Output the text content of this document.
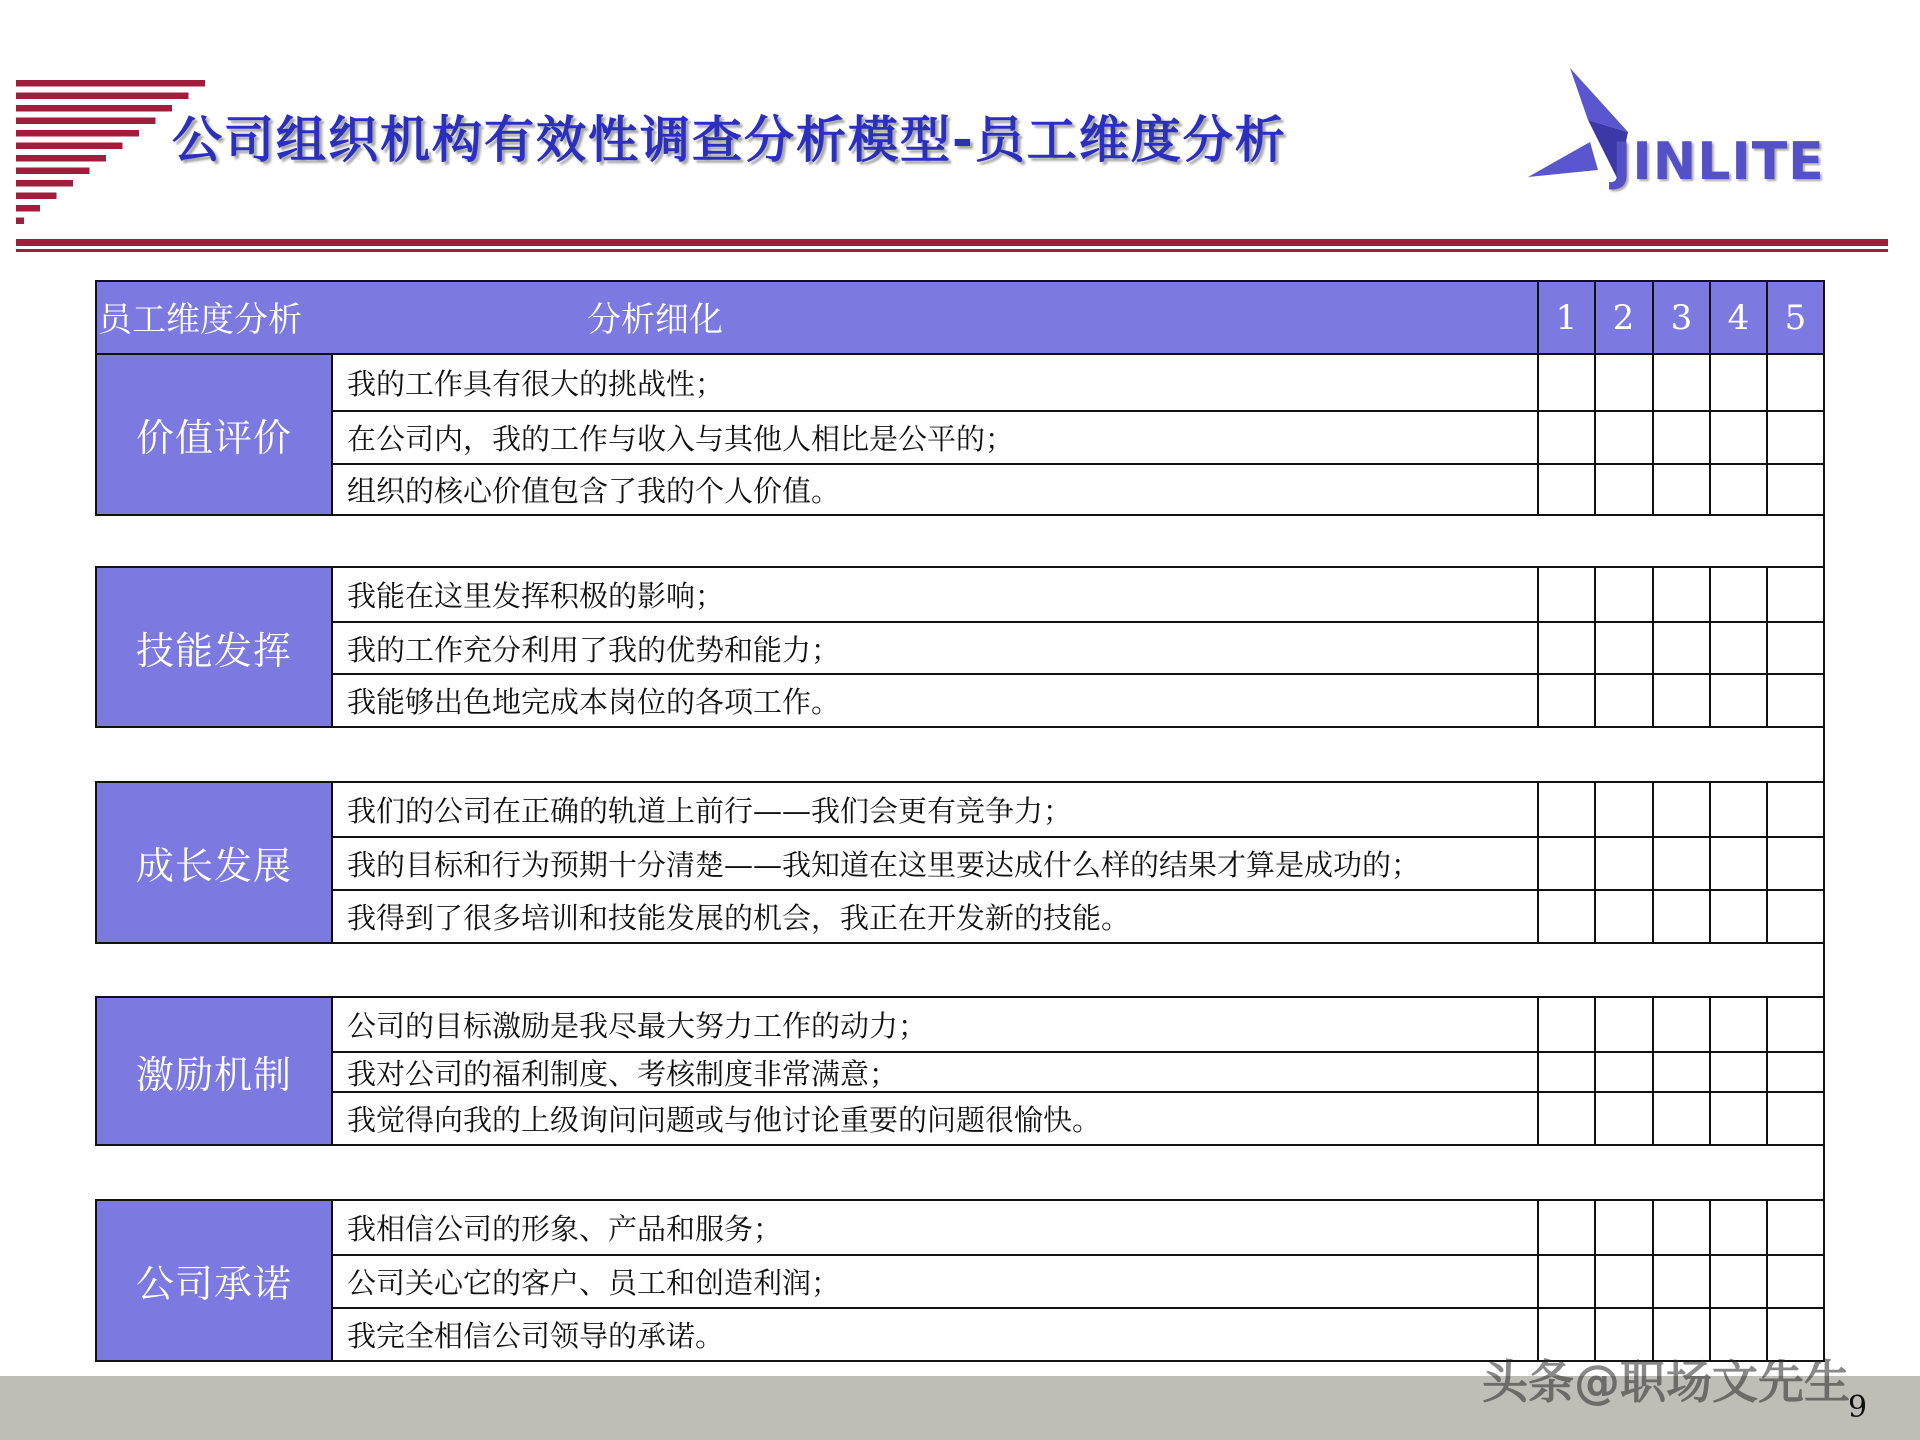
公司组织机构有效性调查分析模型-员工维度分析	JINLITE
员工维度分析	分析细化	1	2	3	4	5
价值评价
我的工作具有很大的挑战性；
在公司内，我的工作与收入与其他人相比是公平的；
组织的核心价值包含了我的个人价值。
技能发挥
我能在这里发挥积极的影响；
我的工作充分利用了我的优势和能力；
我能够出色地完成本岗位的各项工作。
成长发展
我们的公司在正确的轨道上前行——我们会更有竞争力；
我的目标和行为预期十分清楚——我知道在这里要达成什么样的结果才算是成功的；
我得到了很多培训和技能发展的机会，我正在开发新的技能。
激励机制
公司的目标激励是我尽最大努力工作的动力；
我对公司的福利制度、考核制度非常满意；
我觉得向我的上级询问问题或与他讨论重要的问题很愉快。
公司承诺
我相信公司的形象、产品和服务；
公司关心它的客户、员工和创造利润；
我完全相信公司领导的承诺。
头条@职场文先生
9
